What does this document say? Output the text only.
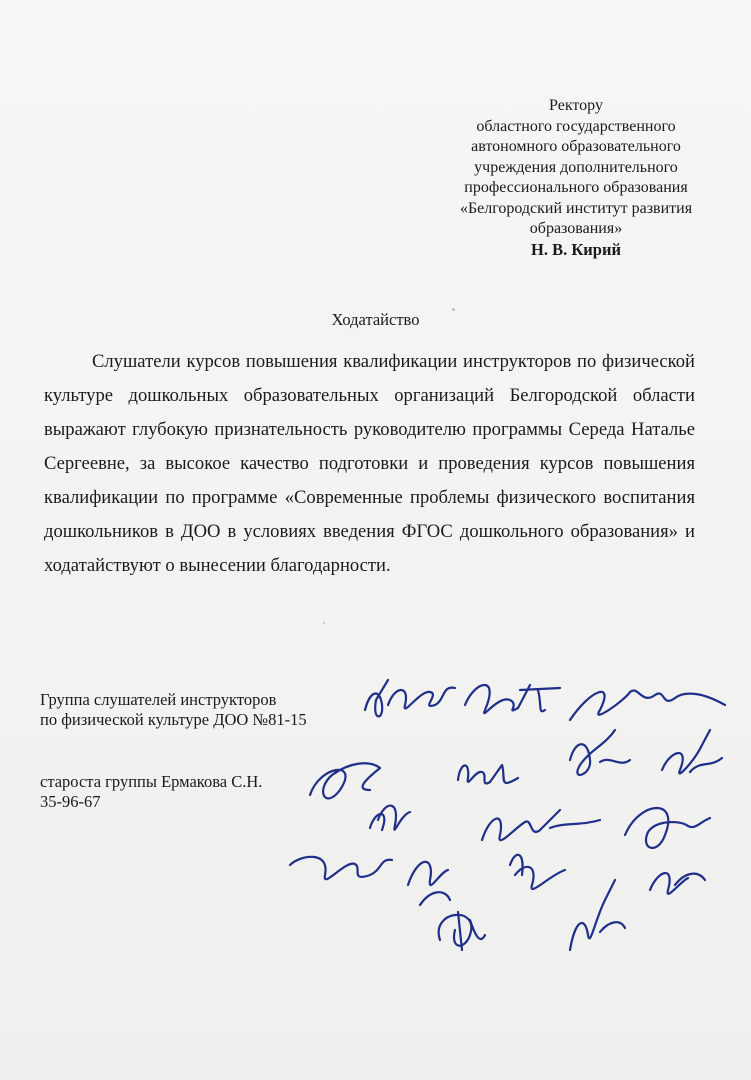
Ректору
областного государственного
автономного образовательного
учреждения дополнительного
профессионального образования
«Белгородский институт развития
образования»
Н. В. Кирий
Ходатайство

Слушатели курсов повышения квалификации инструкторов по физической культуре дошкольных образовательных организаций Белгородской области выражают глубокую признательность руководителю программы Середа Наталье Сергеевне, за высокое качество подготовки и проведения курсов повышения квалификации по программе «Современные проблемы физического воспитания дошкольников в ДОО в условиях введения ФГОС дошкольного образования» и ходатайствуют о вынесении благодарности.

Группа слушателей инструкторов
по физической культуре ДОО №81-15
староста группы Ермакова С.Н.
35-96-67
